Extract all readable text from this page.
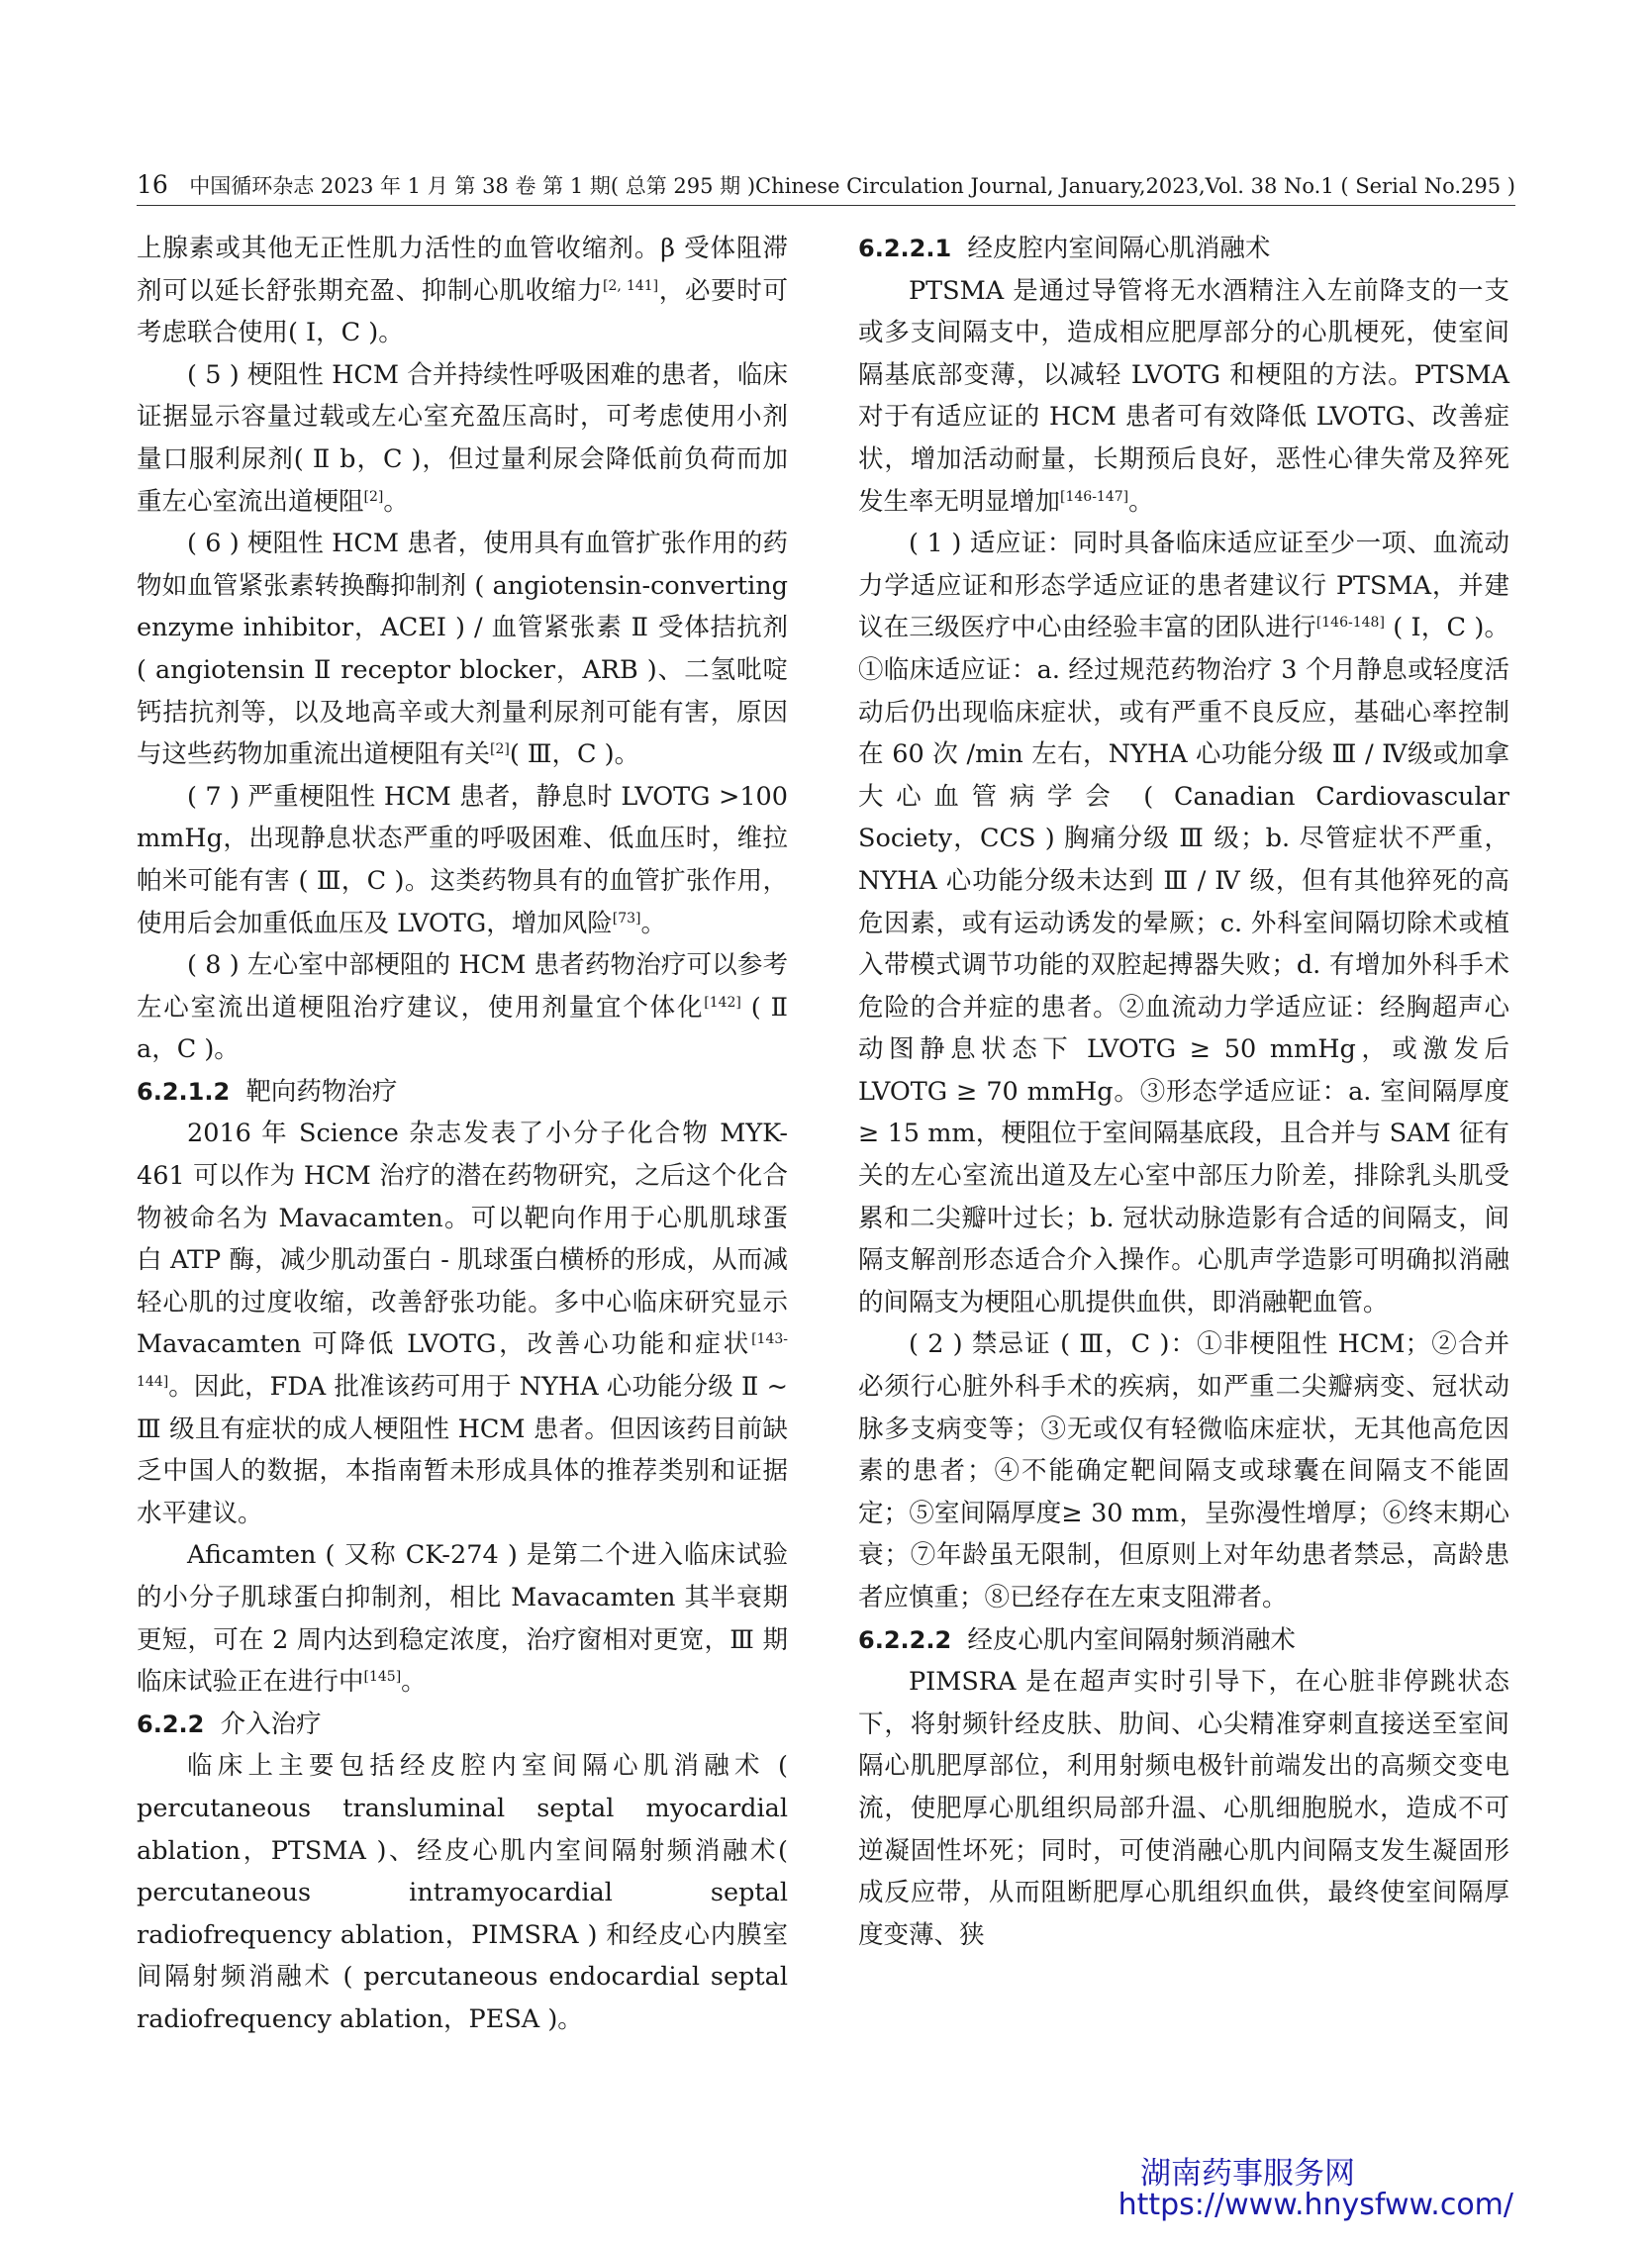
16 中国循环杂志 2023 年 1 月 第 38 卷 第 1 期( 总第 295 期 )Chinese Circulation Journal, January,2023,Vol. 38 No.1 ( Serial No.295 )

上腺素或其他无正性肌力活性的血管收缩剂。β 受体阻滞剂可以延长舒张期充盈、抑制心肌收缩力[2, 141]，必要时可考虑联合使用( Ⅰ，C )。

( 5 ) 梗阻性 HCM 合并持续性呼吸困难的患者，临床证据显示容量过载或左心室充盈压高时，可考虑使用小剂量口服利尿剂( Ⅱ b，C )，但过量利尿会降低前负荷而加重左心室流出道梗阻[2]。

( 6 ) 梗阻性 HCM 患者，使用具有血管扩张作用的药物如血管紧张素转换酶抑制剂 ( angiotensin-converting enzyme inhibitor，ACEI ) / 血管紧张素 Ⅱ 受体拮抗剂 ( angiotensin Ⅱ receptor blocker，ARB )、二氢吡啶钙拮抗剂等，以及地高辛或大剂量利尿剂可能有害，原因与这些药物加重流出道梗阻有关[2]( Ⅲ，C )。

( 7 ) 严重梗阻性 HCM 患者，静息时 LVOTG >100 mmHg，出现静息状态严重的呼吸困难、低血压时，维拉帕米可能有害 ( Ⅲ，C )。这类药物具有的血管扩张作用，使用后会加重低血压及 LVOTG，增加风险[73]。

( 8 ) 左心室中部梗阻的 HCM 患者药物治疗可以参考左心室流出道梗阻治疗建议，使用剂量宜个体化[142] ( Ⅱ a，C )。

6.2.1.2 靶向药物治疗

2016 年 Science 杂志发表了小分子化合物 MYK-461 可以作为 HCM 治疗的潜在药物研究，之后这个化合物被命名为 Mavacamten。可以靶向作用于心肌肌球蛋白 ATP 酶，减少肌动蛋白 - 肌球蛋白横桥的形成，从而减轻心肌的过度收缩，改善舒张功能。多中心临床研究显示 Mavacamten 可降低 LVOTG，改善心功能和症状[143-144]。因此，FDA 批准该药可用于 NYHA 心功能分级 Ⅱ ~ Ⅲ 级且有症状的成人梗阻性 HCM 患者。但因该药目前缺乏中国人的数据，本指南暂未形成具体的推荐类别和证据水平建议。

Aficamten ( 又称 CK-274 ) 是第二个进入临床试验的小分子肌球蛋白抑制剂，相比 Mavacamten 其半衰期更短，可在 2 周内达到稳定浓度，治疗窗相对更宽，Ⅲ 期临床试验正在进行中[145]。

6.2.2 介入治疗

临床上主要包括经皮腔内室间隔心肌消融术 ( percutaneous transluminal septal myocardial ablation，PTSMA )、经皮心肌内室间隔射频消融术( percutaneous intramyocardial septal radiofrequency ablation，PIMSRA ) 和经皮心内膜室间隔射频消融术 ( percutaneous endocardial septal radiofrequency ablation，PESA )。

6.2.2.1 经皮腔内室间隔心肌消融术

PTSMA 是通过导管将无水酒精注入左前降支的一支或多支间隔支中，造成相应肥厚部分的心肌梗死，使室间隔基底部变薄，以减轻 LVOTG 和梗阻的方法。PTSMA 对于有适应证的 HCM 患者可有效降低 LVOTG、改善症状，增加活动耐量，长期预后良好，恶性心律失常及猝死发生率无明显增加[146-147]。

( 1 ) 适应证：同时具备临床适应证至少一项、血流动力学适应证和形态学适应证的患者建议行 PTSMA，并建议在三级医疗中心由经验丰富的团队进行[146-148] ( Ⅰ，C )。①临床适应证：a. 经过规范药物治疗 3 个月静息或轻度活动后仍出现临床症状，或有严重不良反应，基础心率控制在 60 次 /min 左右，NYHA 心功能分级 Ⅲ / Ⅳ级或加拿大心血管病学会 ( Canadian Cardiovascular Society，CCS ) 胸痛分级 Ⅲ 级；b. 尽管症状不严重，NYHA 心功能分级未达到 Ⅲ / Ⅳ 级，但有其他猝死的高危因素，或有运动诱发的晕厥；c. 外科室间隔切除术或植入带模式调节功能的双腔起搏器失败；d. 有增加外科手术危险的合并症的患者。②血流动力学适应证：经胸超声心动图静息状态下 LVOTG ≥ 50 mmHg，或激发后 LVOTG ≥ 70 mmHg。③形态学适应证：a. 室间隔厚度≥ 15 mm，梗阻位于室间隔基底段，且合并与 SAM 征有关的左心室流出道及左心室中部压力阶差，排除乳头肌受累和二尖瓣叶过长；b. 冠状动脉造影有合适的间隔支，间隔支解剖形态适合介入操作。心肌声学造影可明确拟消融的间隔支为梗阻心肌提供血供，即消融靶血管。

( 2 ) 禁忌证 ( Ⅲ，C )：①非梗阻性 HCM；②合并必须行心脏外科手术的疾病，如严重二尖瓣病变、冠状动脉多支病变等；③无或仅有轻微临床症状，无其他高危因素的患者；④不能确定靶间隔支或球囊在间隔支不能固定；⑤室间隔厚度≥ 30 mm，呈弥漫性增厚；⑥终末期心衰；⑦年龄虽无限制，但原则上对年幼患者禁忌，高龄患者应慎重；⑧已经存在左束支阻滞者。

6.2.2.2 经皮心肌内室间隔射频消融术

PIMSRA 是在超声实时引导下，在心脏非停跳状态下，将射频针经皮肤、肋间、心尖精准穿刺直接送至室间隔心肌肥厚部位，利用射频电极针前端发出的高频交变电流，使肥厚心肌组织局部升温、心肌细胞脱水，造成不可逆凝固性坏死；同时，可使消融心肌内间隔支发生凝固形成反应带，从而阻断肥厚心肌组织血供，最终使室间隔厚度变薄、狭

湖南药事服务网
https://www.hnysfww.com/
